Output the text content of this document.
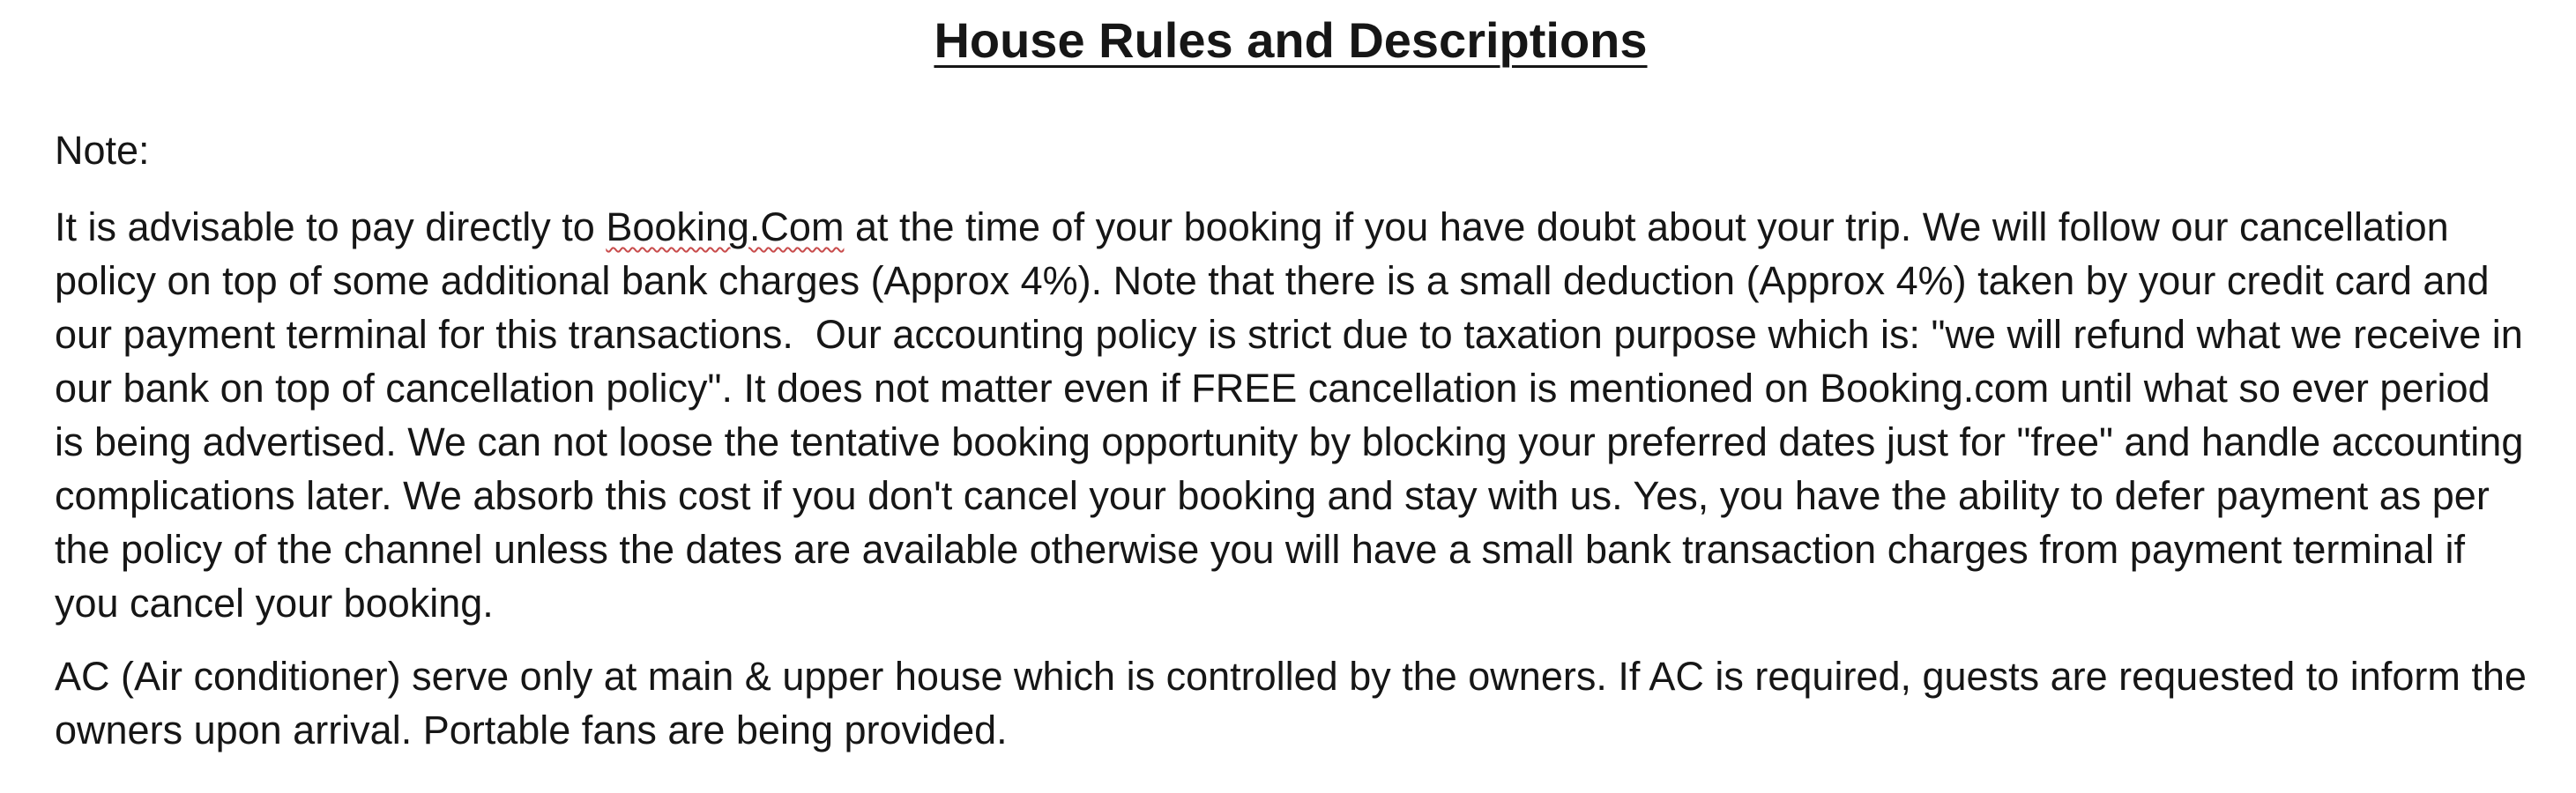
House Rules and Descriptions

Note:

It is advisable to pay directly to Booking.Com at the time of your booking if you have doubt about your trip. We will follow our cancellation policy on top of some additional bank charges (Approx 4%). Note that there is a small deduction (Approx 4%) taken by your credit card and our payment terminal for this transactions.  Our accounting policy is strict due to taxation purpose which is: "we will refund what we receive in our bank on top of cancellation policy". It does not matter even if FREE cancellation is mentioned on Booking.com until what so ever period is being advertised. We can not loose the tentative booking opportunity by blocking your preferred dates just for "free" and handle accounting complications later. We absorb this cost if you don't cancel your booking and stay with us. Yes, you have the ability to defer payment as per the policy of the channel unless the dates are available otherwise you will have a small bank transaction charges from payment terminal if you cancel your booking.

AC (Air conditioner) serve only at main & upper house which is controlled by the owners. If AC is required, guests are requested to inform the owners upon arrival. Portable fans are being provided.
